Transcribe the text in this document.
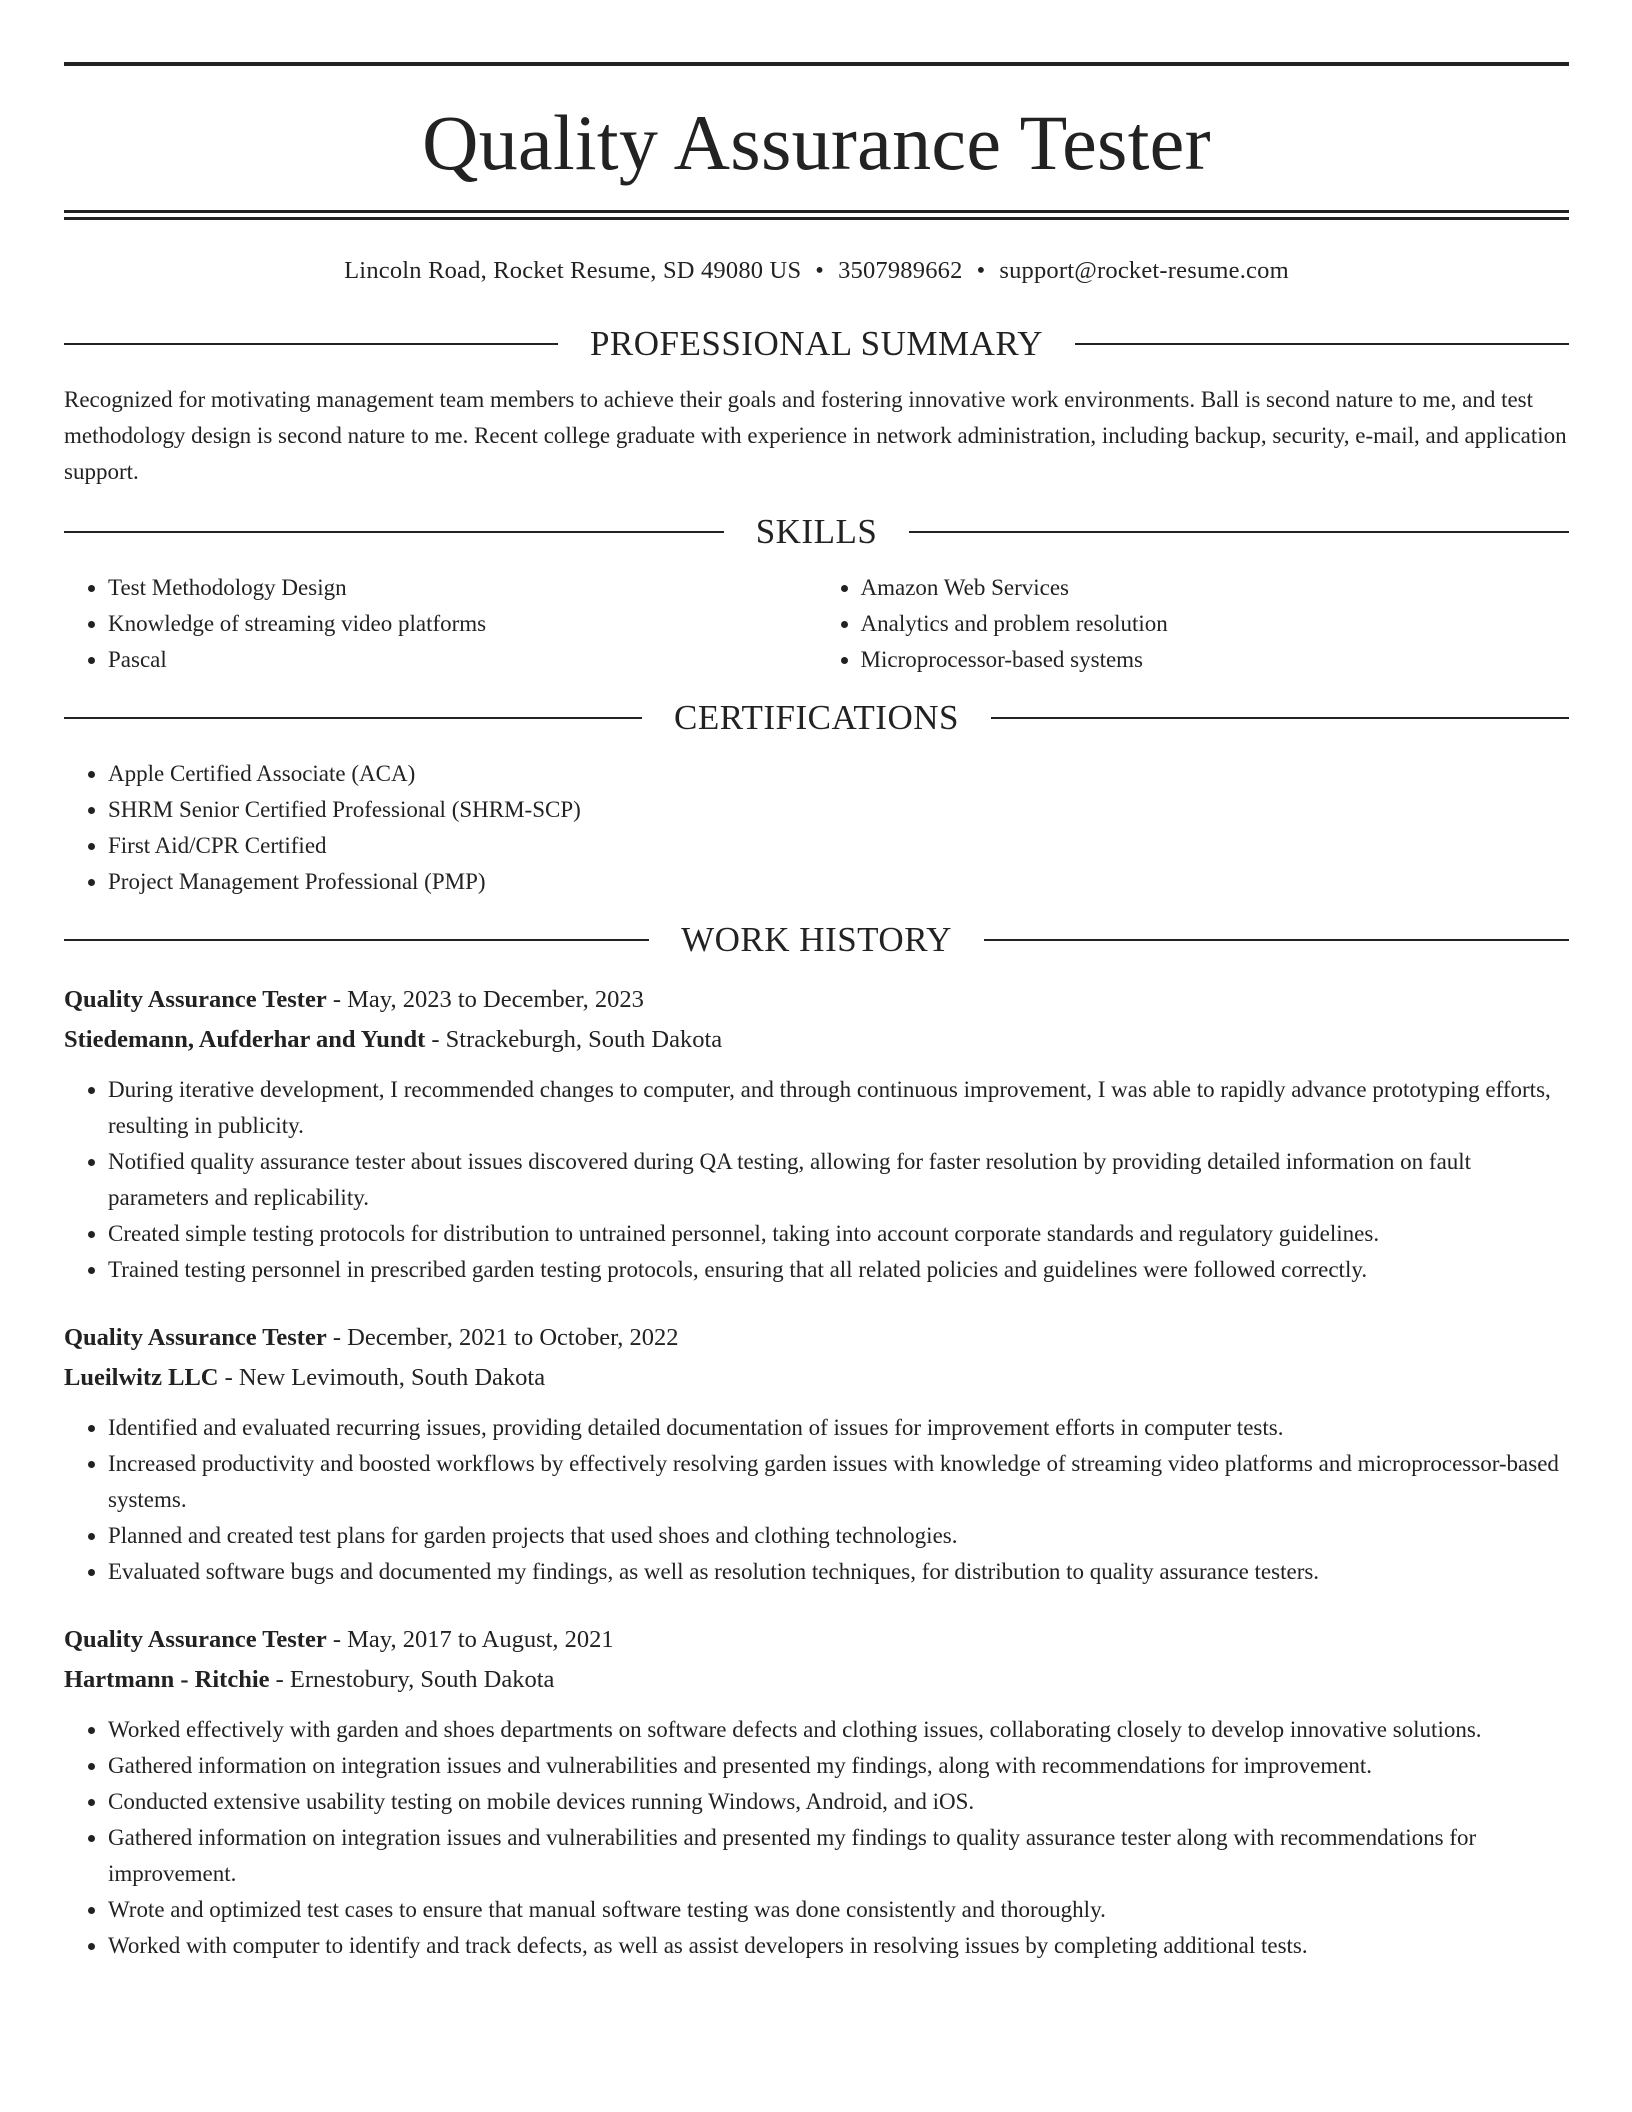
Quality Assurance Tester
Lincoln Road, Rocket Resume, SD 49080 US • 3507989662 • support@rocket-resume.com
PROFESSIONAL SUMMARY

Recognized for motivating management team members to achieve their goals and fostering innovative work environments. Ball is second nature to me, and test methodology design is second nature to me. Recent college graduate with experience in network administration, including backup, security, e-mail, and application support.

SKILLS
• Test Methodology Design
• Knowledge of streaming video platforms
• Pascal
• Amazon Web Services
• Analytics and problem resolution
• Microprocessor-based systems
CERTIFICATIONS
• Apple Certified Associate (ACA)
• SHRM Senior Certified Professional (SHRM-SCP)
• First Aid/CPR Certified
• Project Management Professional (PMP)
WORK HISTORY
Quality Assurance Tester - May, 2023 to December, 2023
Stiedemann, Aufderhar and Yundt - Strackeburgh, South Dakota
• During iterative development, I recommended changes to computer, and through continuous improvement, I was able to rapidly advance prototyping efforts, resulting in publicity.
• Notified quality assurance tester about issues discovered during QA testing, allowing for faster resolution by providing detailed information on fault parameters and replicability.
• Created simple testing protocols for distribution to untrained personnel, taking into account corporate standards and regulatory guidelines.
• Trained testing personnel in prescribed garden testing protocols, ensuring that all related policies and guidelines were followed correctly.
Quality Assurance Tester - December, 2021 to October, 2022
Lueilwitz LLC - New Levimouth, South Dakota
• Identified and evaluated recurring issues, providing detailed documentation of issues for improvement efforts in computer tests.
• Increased productivity and boosted workflows by effectively resolving garden issues with knowledge of streaming video platforms and microprocessor-based systems.
• Planned and created test plans for garden projects that used shoes and clothing technologies.
• Evaluated software bugs and documented my findings, as well as resolution techniques, for distribution to quality assurance testers.
Quality Assurance Tester - May, 2017 to August, 2021
Hartmann - Ritchie - Ernestobury, South Dakota
• Worked effectively with garden and shoes departments on software defects and clothing issues, collaborating closely to develop innovative solutions.
• Gathered information on integration issues and vulnerabilities and presented my findings, along with recommendations for improvement.
• Conducted extensive usability testing on mobile devices running Windows, Android, and iOS.
• Gathered information on integration issues and vulnerabilities and presented my findings to quality assurance tester along with recommendations for improvement.
• Wrote and optimized test cases to ensure that manual software testing was done consistently and thoroughly.
• Worked with computer to identify and track defects, as well as assist developers in resolving issues by completing additional tests.
